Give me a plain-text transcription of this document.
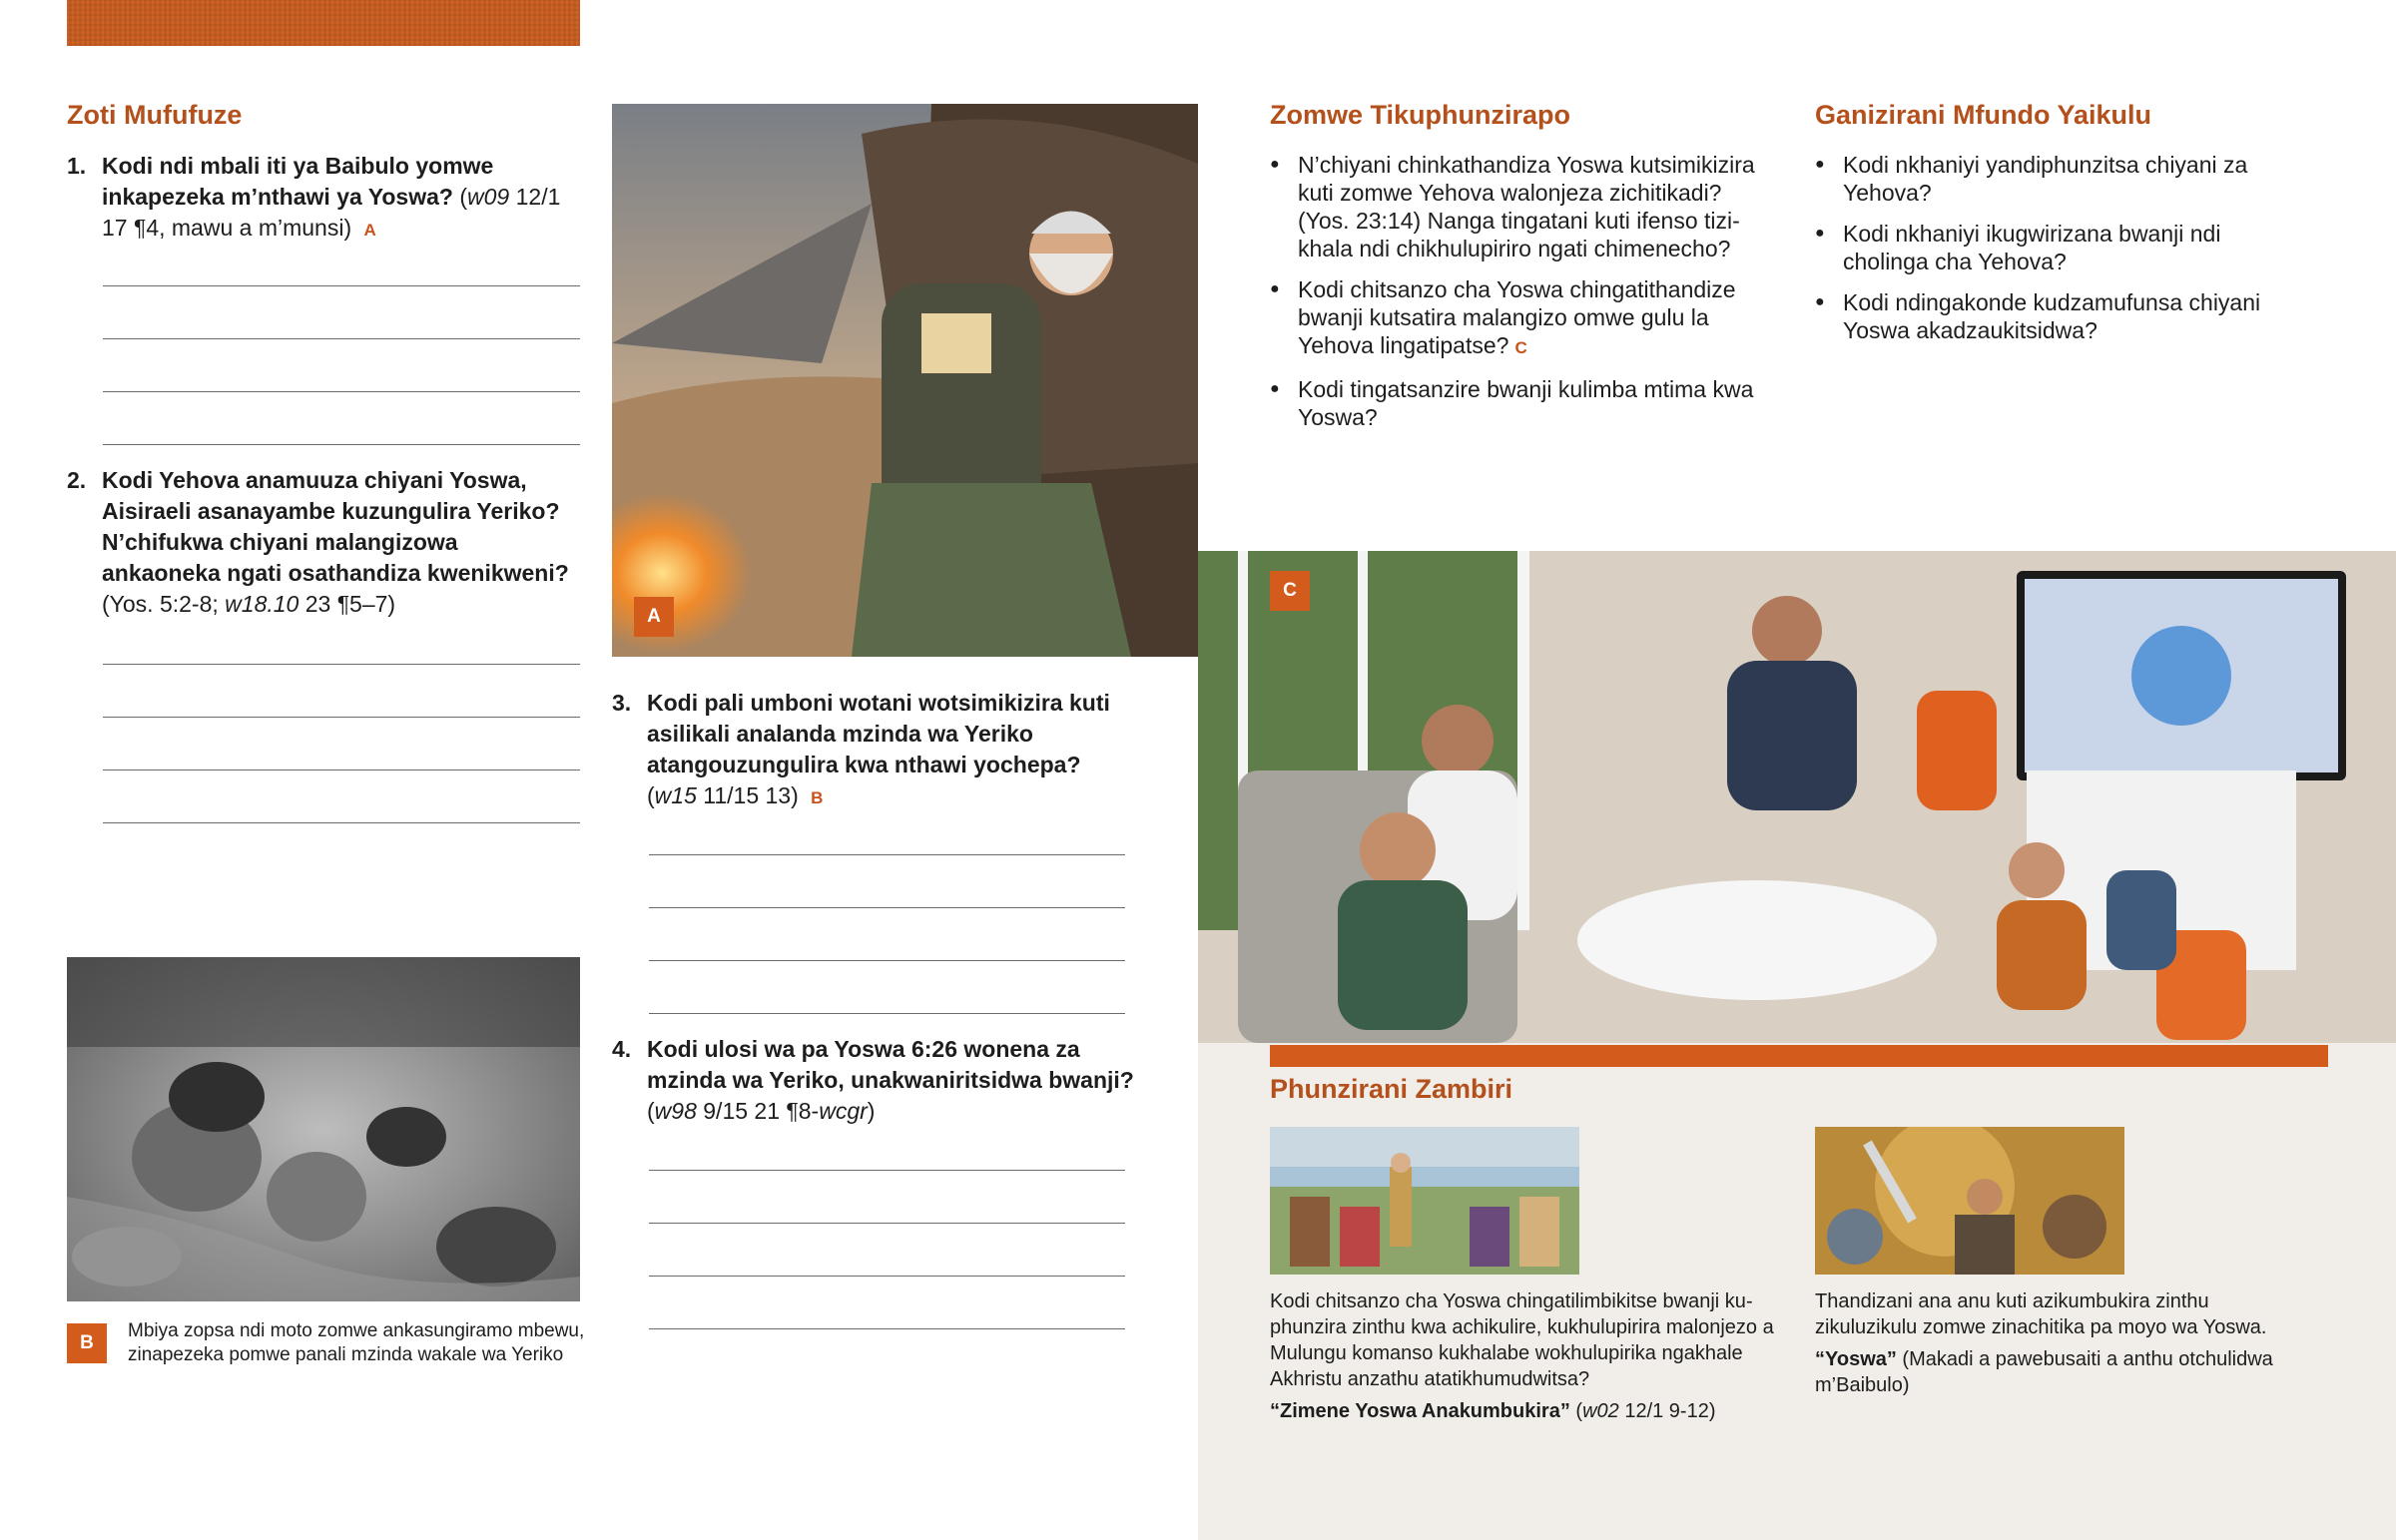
Zoti Mufufuze
1. Kodi ndi mbali iti ya Baibulo yomwe inkapezeka m’nthawi ya Yoswa? (w09 12/1 17 ¶4, mawu a m’munsi) A
2. Kodi Yehova anamuuza chiyani Yoswa, Aisiraeli asanayambe kuzungulira Yeriko? N’chifukwa chiyani malangizowa ankaoneka ngati osathandiza kwenikweni?
(Yos. 5:2-8; w18.10 23 ¶5–7)
B
Mbiya zopsa ndi moto zomwe ankasungiramo mbewu, zinapezeka pomwe panali mzinda wakale wa Yeriko
A
3. Kodi pali umboni wotani wotsimikizira kuti asilikali analanda mzinda wa Yeriko atangouzungulira kwa nthawi yochepa? (w15 11/15 13) B
4. Kodi ulosi wa pa Yoswa 6:26 wonena za mzinda wa Yeriko, unakwaniritsidwa bwanji?
(w98 9/15 21 ¶8-wcgr)
Zomwe Tikuphunzirapo
● N’chiyani chinkathandiza Yoswa kutsimikizira kuti zomwe Yehova walonjeza zichitikadi? (Yos. 23:14) Nanga tingatani kuti ifenso tizikhala ndi chikhulupiriro ngati chimenecho?
● Kodi chitsanzo cha Yoswa chingatithandize bwanji kutsatira malangizo omwe gulu la Yehova lingatipatse? C
● Kodi tingatsanzire bwanji kulimba mtima kwa Yoswa?
Ganizirani Mfundo Yaikulu
● Kodi nkhaniyi yandiphunzitsa chiyani za Yehova?
● Kodi nkhaniyi ikugwirizana bwanji ndi cholinga cha Yehova?
● Kodi ndingakonde kudzamufunsa chiyani Yoswa akadzaukitsidwa?
C
Phunzirani Zambiri

Kodi chitsanzo cha Yoswa chingatilimbikitse bwanji kuphunzira zinthu kwa achikulire, kukhulupirira malonjezo a Mulungu komanso kukhalabe wokhulupirika ngakhale Akhristu anzathu atatikhumudwitsa?

“Zimene Yoswa Anakumbukira” (w02 12/1 9-12)

Thandizani ana anu kuti azikumbukira zinthu zikuluzikulu zomwe zinachitika pa moyo wa Yoswa.

“Yoswa” (Makadi a pawebusaiti a anthu otchulidwa m’Baibulo)
